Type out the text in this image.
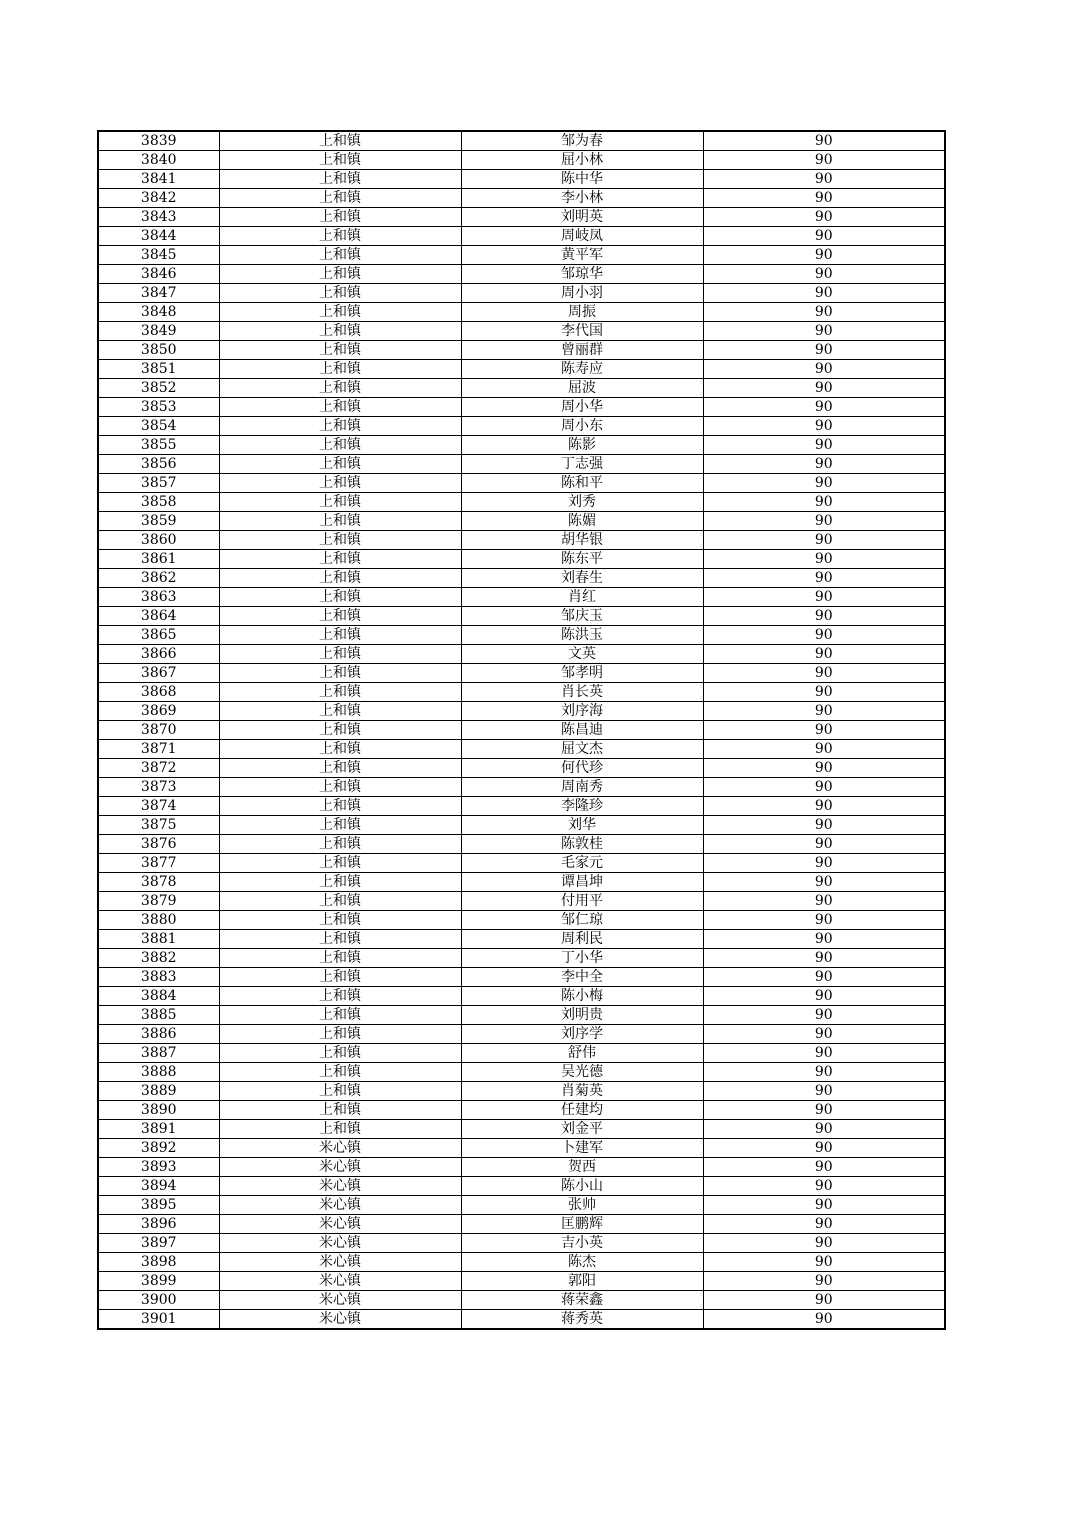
3839	上和镇	邹为春	90
3840	上和镇	屈小林	90
3841	上和镇	陈中华	90
3842	上和镇	李小林	90
3843	上和镇	刘明英	90
3844	上和镇	周岐凤	90
3845	上和镇	黄平军	90
3846	上和镇	邹琼华	90
3847	上和镇	周小羽	90
3848	上和镇	周振	90
3849	上和镇	李代国	90
3850	上和镇	曾丽群	90
3851	上和镇	陈寿应	90
3852	上和镇	屈波	90
3853	上和镇	周小华	90
3854	上和镇	周小东	90
3855	上和镇	陈影	90
3856	上和镇	丁志强	90
3857	上和镇	陈和平	90
3858	上和镇	刘秀	90
3859	上和镇	陈媚	90
3860	上和镇	胡华银	90
3861	上和镇	陈东平	90
3862	上和镇	刘春生	90
3863	上和镇	肖红	90
3864	上和镇	邹庆玉	90
3865	上和镇	陈洪玉	90
3866	上和镇	文英	90
3867	上和镇	邹孝明	90
3868	上和镇	肖长英	90
3869	上和镇	刘序海	90
3870	上和镇	陈昌迪	90
3871	上和镇	屈文杰	90
3872	上和镇	何代珍	90
3873	上和镇	周南秀	90
3874	上和镇	李隆珍	90
3875	上和镇	刘华	90
3876	上和镇	陈敦桂	90
3877	上和镇	毛家元	90
3878	上和镇	谭昌坤	90
3879	上和镇	付用平	90
3880	上和镇	邹仁琼	90
3881	上和镇	周利民	90
3882	上和镇	丁小华	90
3883	上和镇	李中全	90
3884	上和镇	陈小梅	90
3885	上和镇	刘明贵	90
3886	上和镇	刘序学	90
3887	上和镇	舒伟	90
3888	上和镇	吴光德	90
3889	上和镇	肖菊英	90
3890	上和镇	任建均	90
3891	上和镇	刘金平	90
3892	米心镇	卜建军	90
3893	米心镇	贺西	90
3894	米心镇	陈小山	90
3895	米心镇	张帅	90
3896	米心镇	匡鹏辉	90
3897	米心镇	吉小英	90
3898	米心镇	陈杰	90
3899	米心镇	郭阳	90
3900	米心镇	蒋荣鑫	90
3901	米心镇	蒋秀英	90
